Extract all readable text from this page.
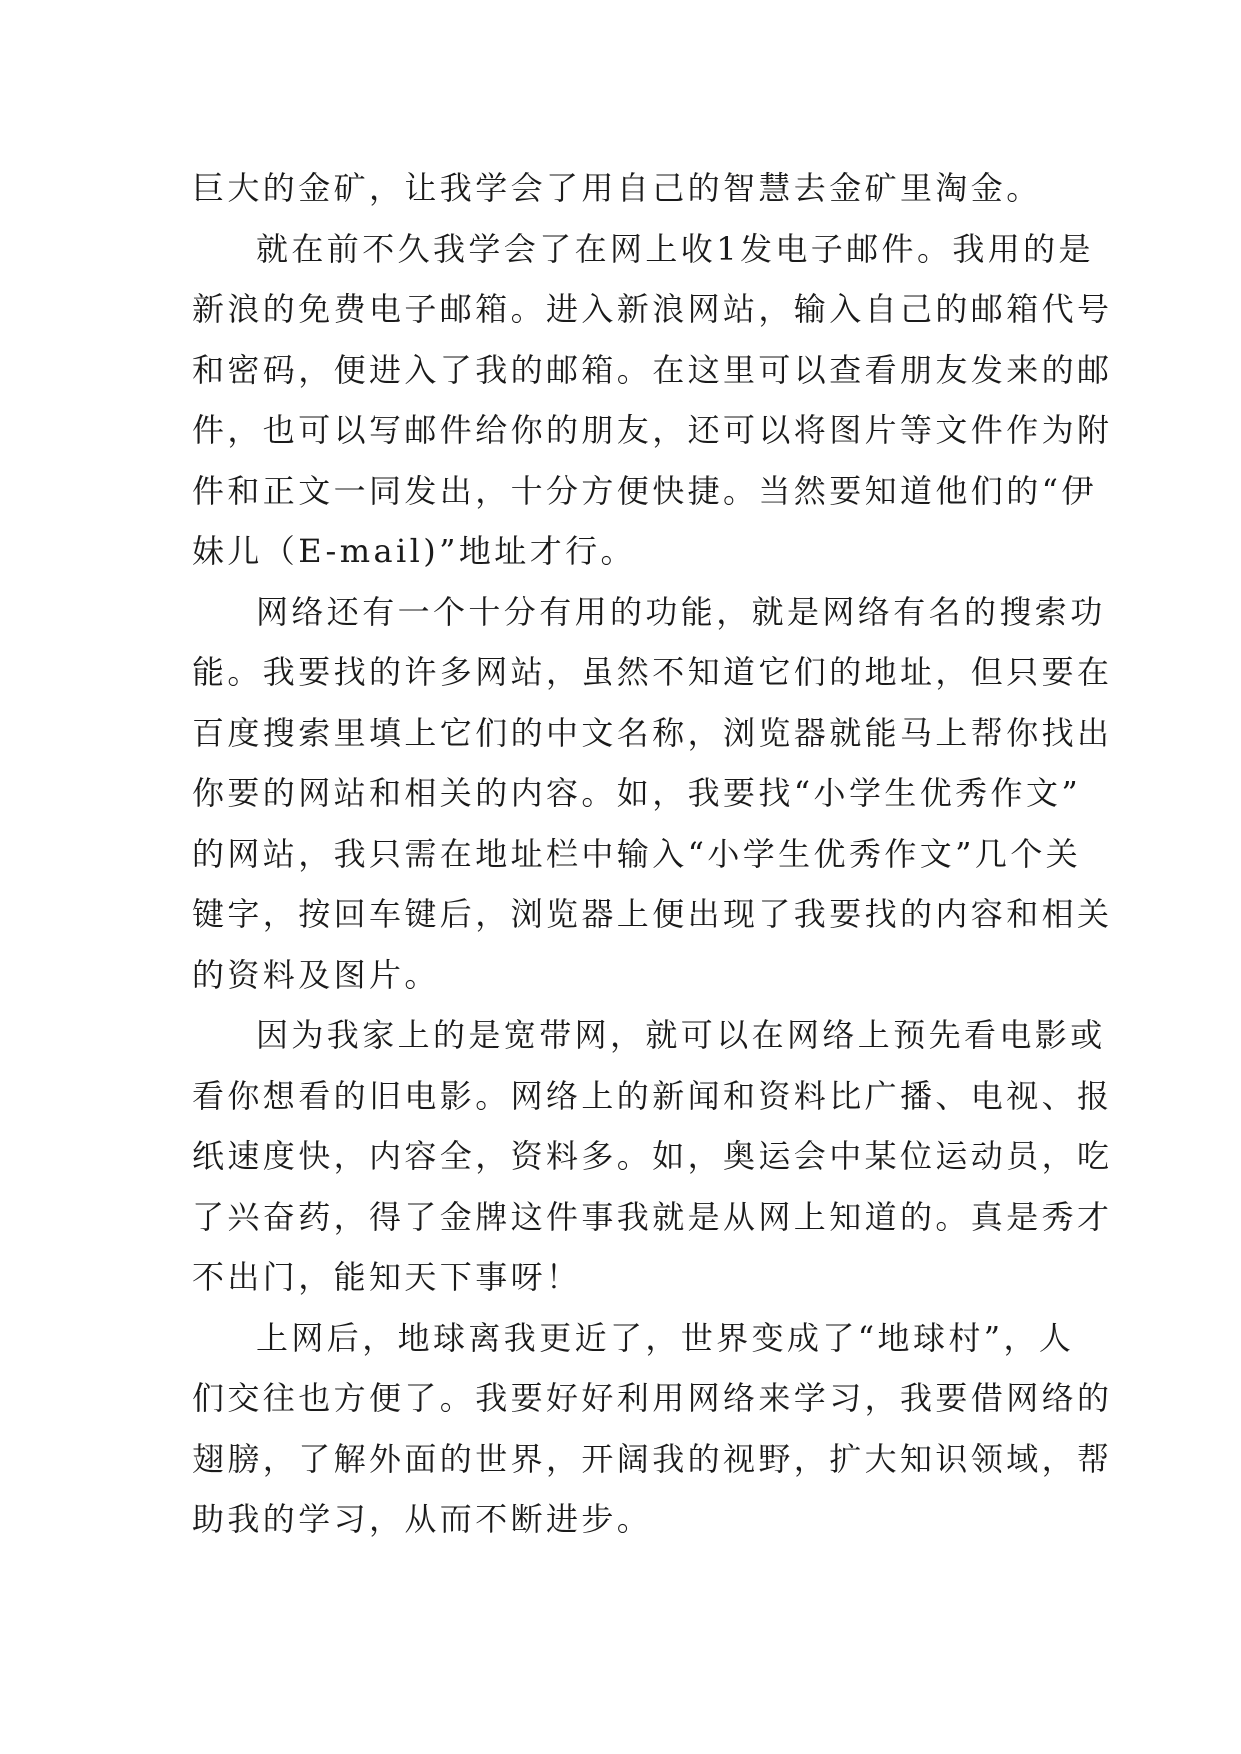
巨大的金矿，让我学会了用自己的智慧去金矿里淘金。
就在前不久我学会了在网上收1发电子邮件。我用的是
新浪的免费电子邮箱。进入新浪网站，输入自己的邮箱代号
和密码，便进入了我的邮箱。在这里可以查看朋友发来的邮
件，也可以写邮件给你的朋友，还可以将图片等文件作为附
件和正文一同发出，十分方便快捷。当然要知道他们的“伊
妹儿（E-mail)”地址才行。
网络还有一个十分有用的功能，就是网络有名的搜索功
能。我要找的许多网站，虽然不知道它们的地址，但只要在
百度搜索里填上它们的中文名称，浏览器就能马上帮你找出
你要的网站和相关的内容。如，我要找“小学生优秀作文”
的网站，我只需在地址栏中输入“小学生优秀作文”几个关
键字，按回车键后，浏览器上便出现了我要找的内容和相关
的资料及图片。
因为我家上的是宽带网，就可以在网络上预先看电影或
看你想看的旧电影。网络上的新闻和资料比广播、电视、报
纸速度快，内容全，资料多。如，奥运会中某位运动员，吃
了兴奋药，得了金牌这件事我就是从网上知道的。真是秀才
不出门，能知天下事呀！
上网后，地球离我更近了，世界变成了“地球村”，人
们交往也方便了。我要好好利用网络来学习，我要借网络的
翅膀，了解外面的世界，开阔我的视野，扩大知识领域，帮
助我的学习，从而不断进步。
